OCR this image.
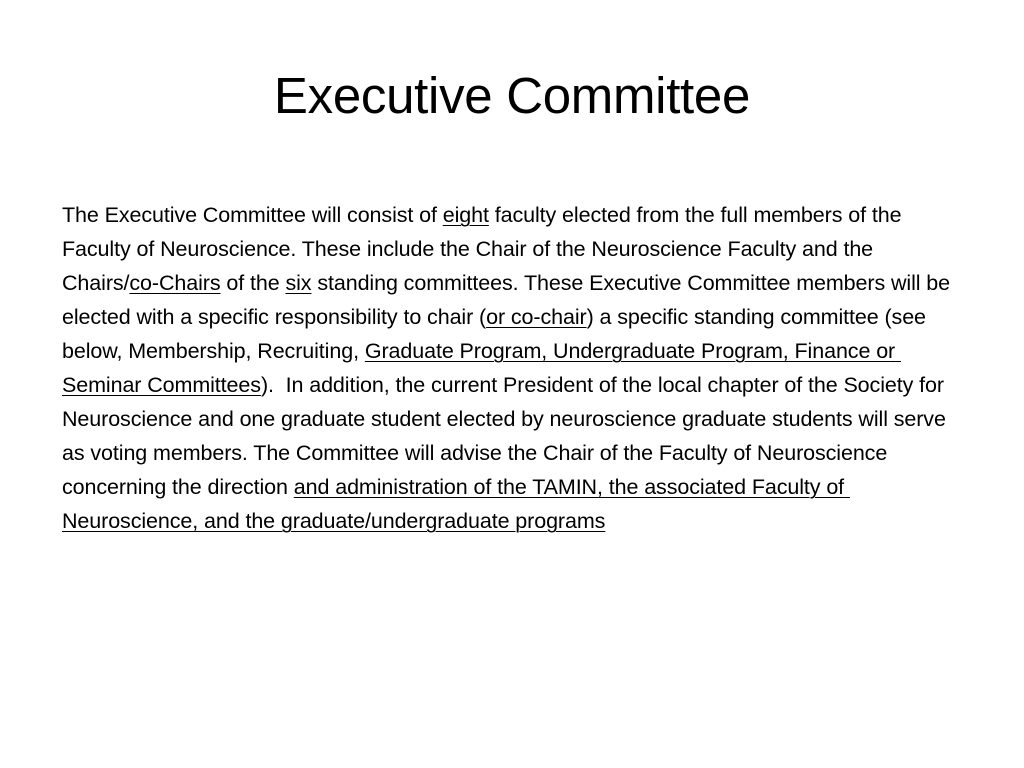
Executive Committee

The Executive Committee will consist of eight faculty elected from the full members of the Faculty of Neuroscience. These include the Chair of the Neuroscience Faculty and the Chairs/co-Chairs of the six standing committees. These Executive Committee members will be elected with a specific responsibility to chair (or co-chair) a specific standing committee (see below, Membership, Recruiting, Graduate Program, Undergraduate Program, Finance or Seminar Committees).  In addition, the current President of the local chapter of the Society for Neuroscience and one graduate student elected by neuroscience graduate students will serve as voting members. The Committee will advise the Chair of the Faculty of Neuroscience concerning the direction and administration of the TAMIN, the associated Faculty of Neuroscience, and the graduate/undergraduate programs
